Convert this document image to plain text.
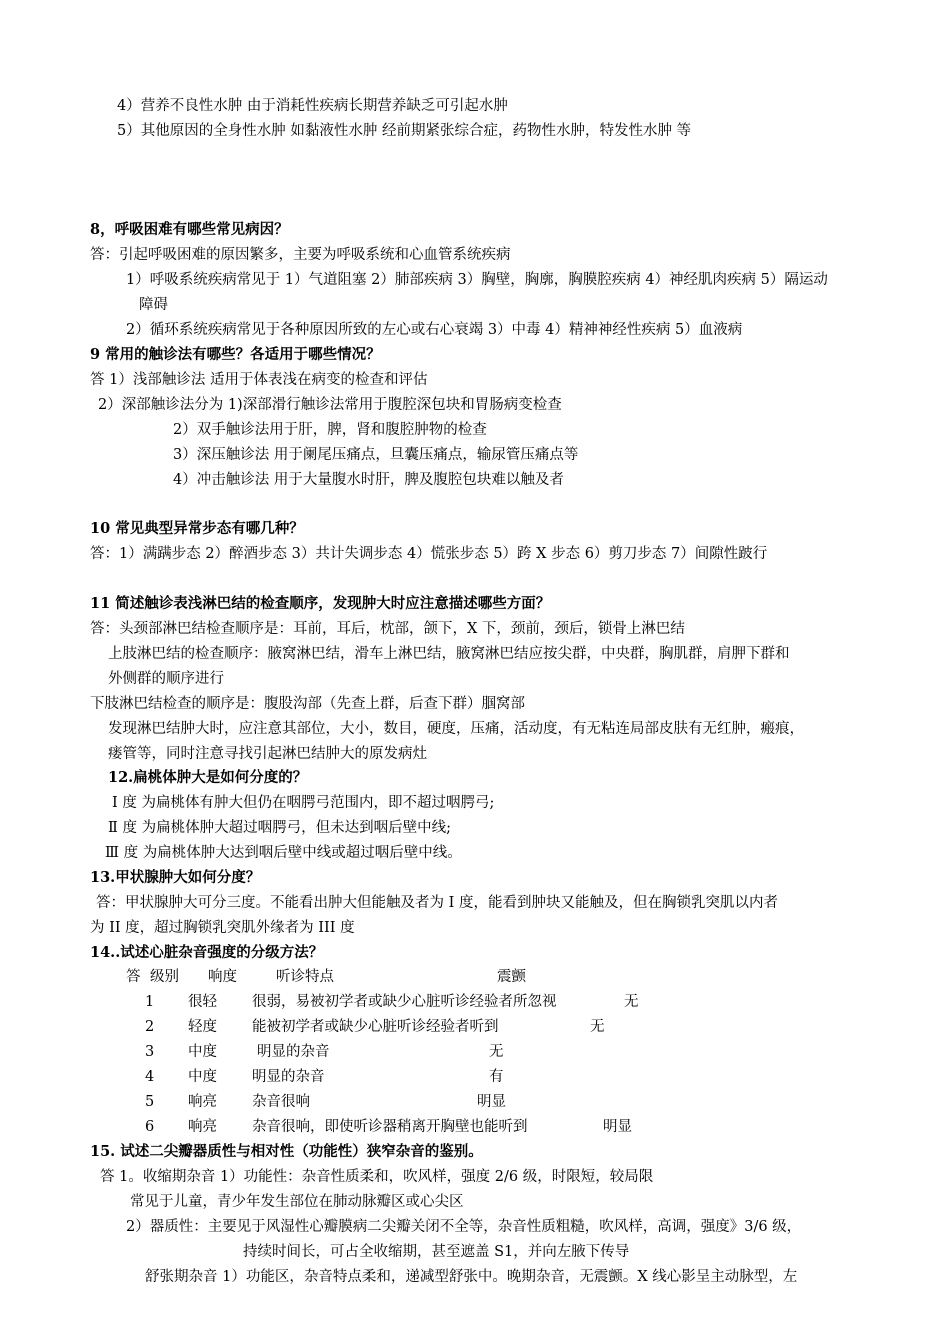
4）营养不良性水肿 由于消耗性疾病长期营养缺乏可引起水肿
5）其他原因的全身性水肿 如黏液性水肿 经前期紧张综合症，药物性水肿，特发性水肿 等
8，呼吸困难有哪些常见病因？
答：引起呼吸困难的原因繁多，主要为呼吸系统和心血管系统疾病
1）呼吸系统疾病常见于 1）气道阻塞 2）肺部疾病 3）胸壁，胸廓，胸膜腔疾病 4）神经肌肉疾病 5）隔运动
障碍
2）循环系统疾病常见于各种原因所致的左心或右心衰竭 3）中毒 4）精神神经性疾病 5）血液病
9 常用的触诊法有哪些？各适用于哪些情况？
答 1）浅部触诊法 适用于体表浅在病变的检查和评估
2）深部触诊法分为 1)深部滑行触诊法常用于腹腔深包块和胃肠病变检查
2）双手触诊法用于肝，脾，肾和腹腔肿物的检查
3）深压触诊法 用于阑尾压痛点，旦囊压痛点，输尿管压痛点等
4）冲击触诊法 用于大量腹水时肝，脾及腹腔包块难以触及者
10 常见典型异常步态有哪几种？
答：1）满蹒步态 2）醉酒步态 3）共计失调步态 4）慌张步态 5）跨 X 步态 6）剪刀步态 7）间隙性跛行
11 简述触诊表浅淋巴结的检查顺序，发现肿大时应注意描述哪些方面？
答：头颈部淋巴结检查顺序是：耳前，耳后，枕部，颌下，X 下，颈前，颈后，锁骨上淋巴结
上肢淋巴结的检查顺序：腋窝淋巴结，滑车上淋巴结，腋窝淋巴结应按尖群，中央群，胸肌群，肩胛下群和
外侧群的顺序进行
下肢淋巴结检查的顺序是：腹股沟部（先查上群，后查下群）腘窝部
发现淋巴结肿大时，应注意其部位，大小，数目，硬度，压痛，活动度，有无粘连局部皮肤有无红肿，瘢痕，
瘘管等，同时注意寻找引起淋巴结肿大的原发病灶
12.扁桃体肿大是如何分度的？
Ⅰ 度 为扁桃体有肿大但仍在咽腭弓范围内，即不超过咽腭弓;
Ⅱ 度 为扁桃体肿大超过咽腭弓，但未达到咽后壁中线;
Ⅲ 度 为扁桃体肿大达到咽后壁中线或超过咽后壁中线。
13.甲状腺肿大如何分度？
答：甲状腺肿大可分三度。不能看出肿大但能触及者为 I 度，能看到肿块又能触及，但在胸锁乳突肌以内者
为 II 度，超过胸锁乳突肌外缘者为 III 度
14..试述心脏杂音强度的分级方法？
答 级别 响度	听诊特点	震颤
1 很轻 很弱，易被初学者或缺少心脏听诊经验者所忽视	无
2 轻度 能被初学者或缺少心脏听诊经验者听到	无
3 中度	明显的杂音	无
4 中度 明显的杂音	有
5 响亮 杂音很响	明显
6 响亮 杂音很响，即使听诊器稍离开胸壁也能听到	明显
15. 试述二尖瓣器质性与相对性（功能性）狭窄杂音的鉴别。
答 1。收缩期杂音 1）功能性：杂音性质柔和，吹风样，强度 2/6 级，时限短，较局限
常见于儿童，青少年发生部位在肺动脉瓣区或心尖区
2）器质性：主要见于风湿性心瓣膜病二尖瓣关闭不全等，杂音性质粗糙，吹风样，高调，强度》3/6 级，
持续时间长，可占全收缩期，甚至遮盖 S1，并向左腋下传导
舒张期杂音 1）功能区，杂音特点柔和，递减型舒张中。晚期杂音，无震颤。X 线心影呈主动脉型，左
